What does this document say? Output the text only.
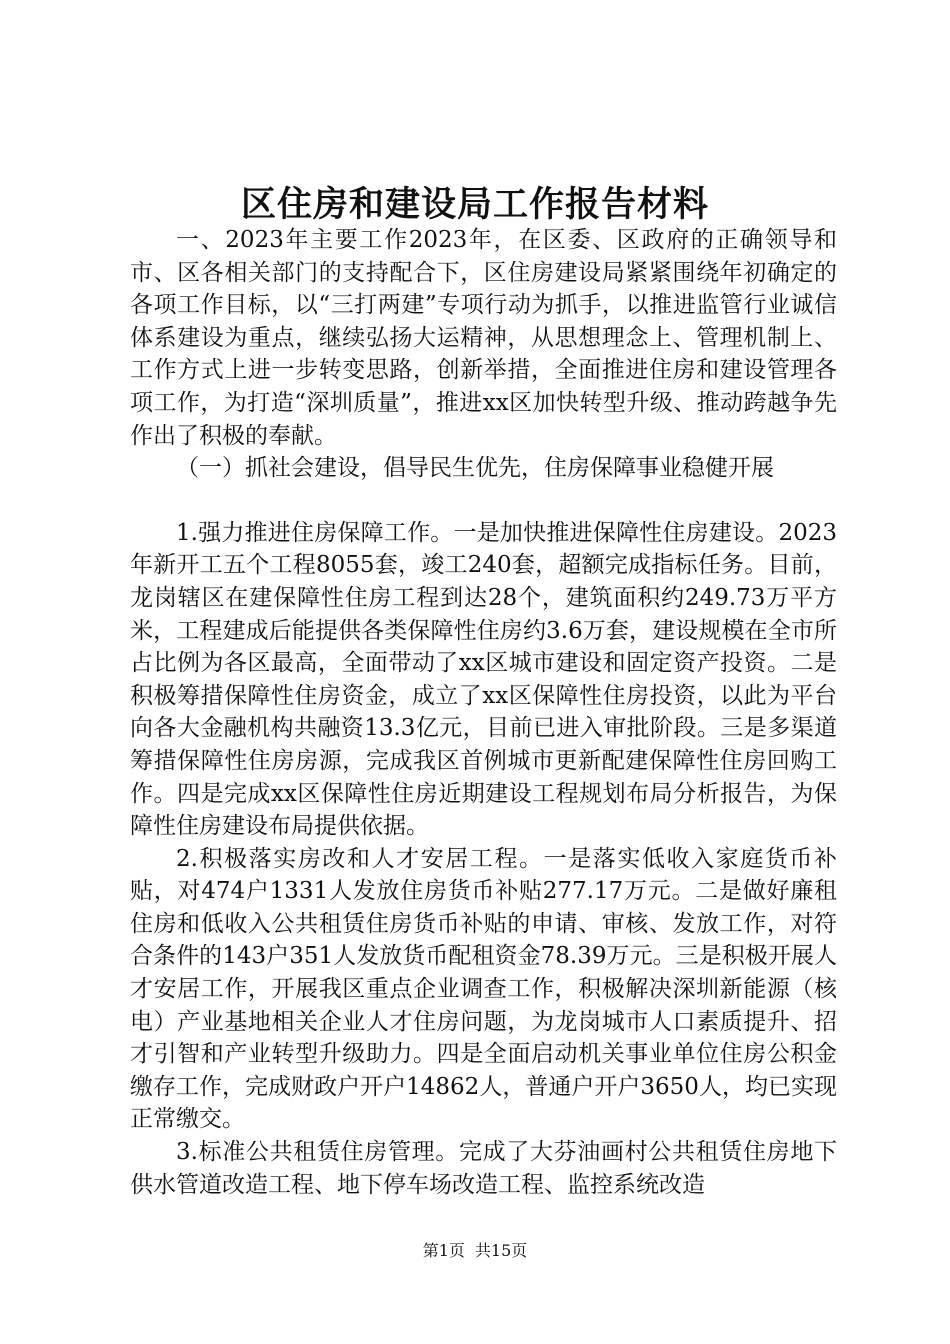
区住房和建设局工作报告材料

一、2023年主要工作2023年，在区委、区政府的正确领导和市、区各相关部门的支持配合下，区住房建设局紧紧围绕年初确定的各项工作目标，以“三打两建”专项行动为抓手，以推进监管行业诚信体系建设为重点，继续弘扬大运精神，从思想理念上、管理机制上、工作方式上进一步转变思路，创新举措，全面推进住房和建设管理各项工作，为打造“深圳质量”，推进xx区加快转型升级、推动跨越争先作出了积极的奉献。

（一）抓社会建设，倡导民生优先，住房保障事业稳健开展

1.强力推进住房保障工作。一是加快推进保障性住房建设。2023年新开工五个工程8055套，竣工240套，超额完成指标任务。目前，龙岗辖区在建保障性住房工程到达28个，建筑面积约249.73万平方米，工程建成后能提供各类保障性住房约3.6万套，建设规模在全市所占比例为各区最高，全面带动了xx区城市建设和固定资产投资。二是积极筹措保障性住房资金，成立了xx区保障性住房投资，以此为平台向各大金融机构共融资13.3亿元，目前已进入审批阶段。三是多渠道筹措保障性住房房源，完成我区首例城市更新配建保障性住房回购工作。四是完成xx区保障性住房近期建设工程规划布局分析报告，为保障性住房建设布局提供依据。

2.积极落实房改和人才安居工程。一是落实低收入家庭货币补贴，对474户1331人发放住房货币补贴277.17万元。二是做好廉租住房和低收入公共租赁住房货币补贴的申请、审核、发放工作，对符合条件的143户351人发放货币配租资金78.39万元。三是积极开展人才安居工作，开展我区重点企业调查工作，积极解决深圳新能源（核电）产业基地相关企业人才住房问题，为龙岗城市人口素质提升、招才引智和产业转型升级助力。四是全面启动机关事业单位住房公积金缴存工作，完成财政户开户14862人，普通户开户3650人，均已实现正常缴交。

3.标准公共租赁住房管理。完成了大芬油画村公共租赁住房地下供水管道改造工程、地下停车场改造工程、监控系统改造

第1页 共15页
